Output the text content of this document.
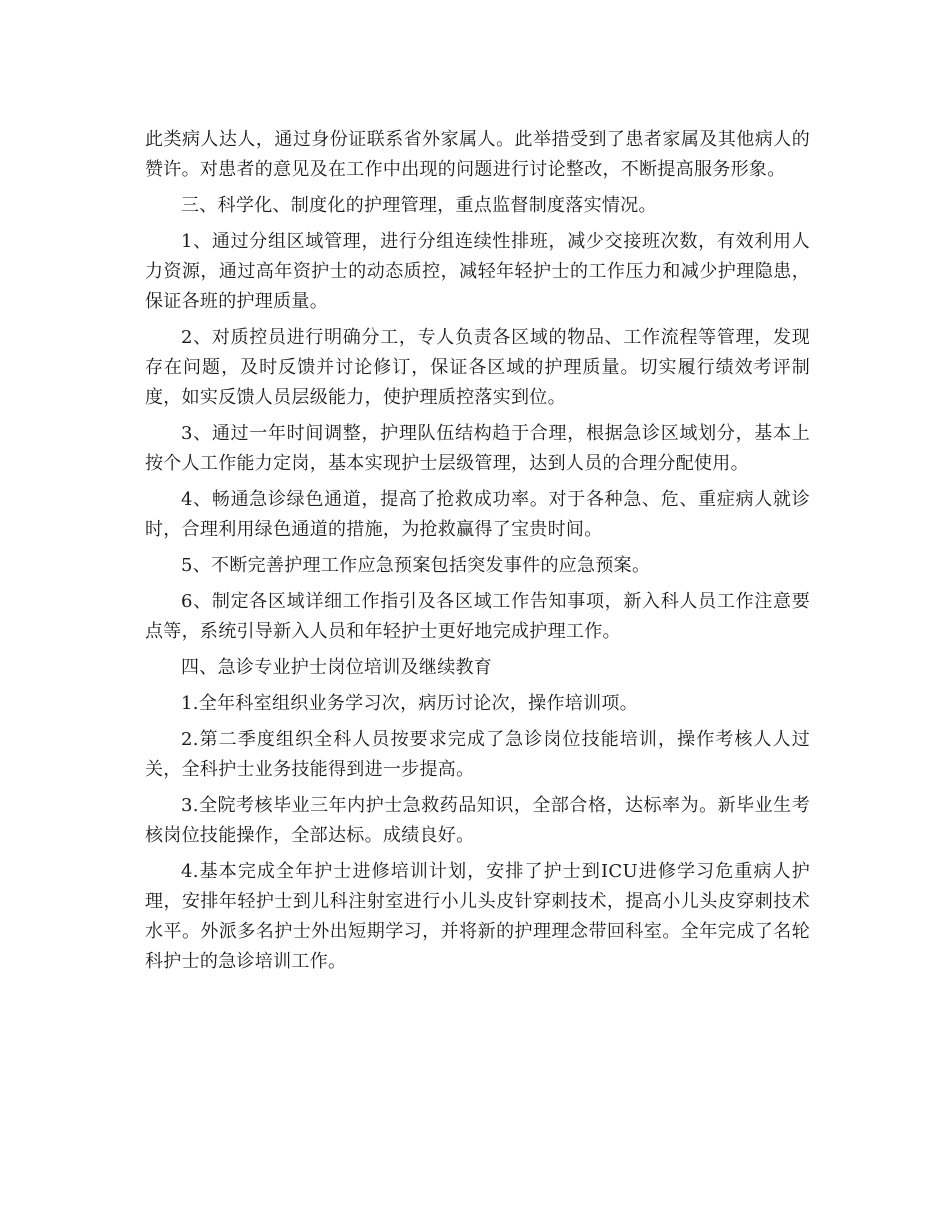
此类病人达人，通过身份证联系省外家属人。此举措受到了患者家属及其他病人的赞许。对患者的意见及在工作中出现的问题进行讨论整改，不断提高服务形象。

三、科学化、制度化的护理管理，重点监督制度落实情况。

1、通过分组区域管理，进行分组连续性排班，减少交接班次数，有效利用人力资源，通过高年资护士的动态质控，减轻年轻护士的工作压力和减少护理隐患，保证各班的护理质量。

2、对质控员进行明确分工，专人负责各区域的物品、工作流程等管理，发现存在问题，及时反馈并讨论修订，保证各区域的护理质量。切实履行绩效考评制度，如实反馈人员层级能力，使护理质控落实到位。

3、通过一年时间调整，护理队伍结构趋于合理，根据急诊区域划分，基本上按个人工作能力定岗，基本实现护士层级管理，达到人员的合理分配使用。

4、畅通急诊绿色通道，提高了抢救成功率。对于各种急、危、重症病人就诊时，合理利用绿色通道的措施，为抢救赢得了宝贵时间。

5、不断完善护理工作应急预案包括突发事件的应急预案。

6、制定各区域详细工作指引及各区域工作告知事项，新入科人员工作注意要点等，系统引导新入人员和年轻护士更好地完成护理工作。

四、急诊专业护士岗位培训及继续教育

1.全年科室组织业务学习次，病历讨论次，操作培训项。

2.第二季度组织全科人员按要求完成了急诊岗位技能培训，操作考核人人过关，全科护士业务技能得到进一步提高。

3.全院考核毕业三年内护士急救药品知识，全部合格，达标率为。新毕业生考核岗位技能操作，全部达标。成绩良好。

4.基本完成全年护士进修培训计划，安排了护士到ICU进修学习危重病人护理，安排年轻护士到儿科注射室进行小儿头皮针穿刺技术，提高小儿头皮穿刺技术水平。外派多名护士外出短期学习，并将新的护理理念带回科室。全年完成了名轮科护士的急诊培训工作。
